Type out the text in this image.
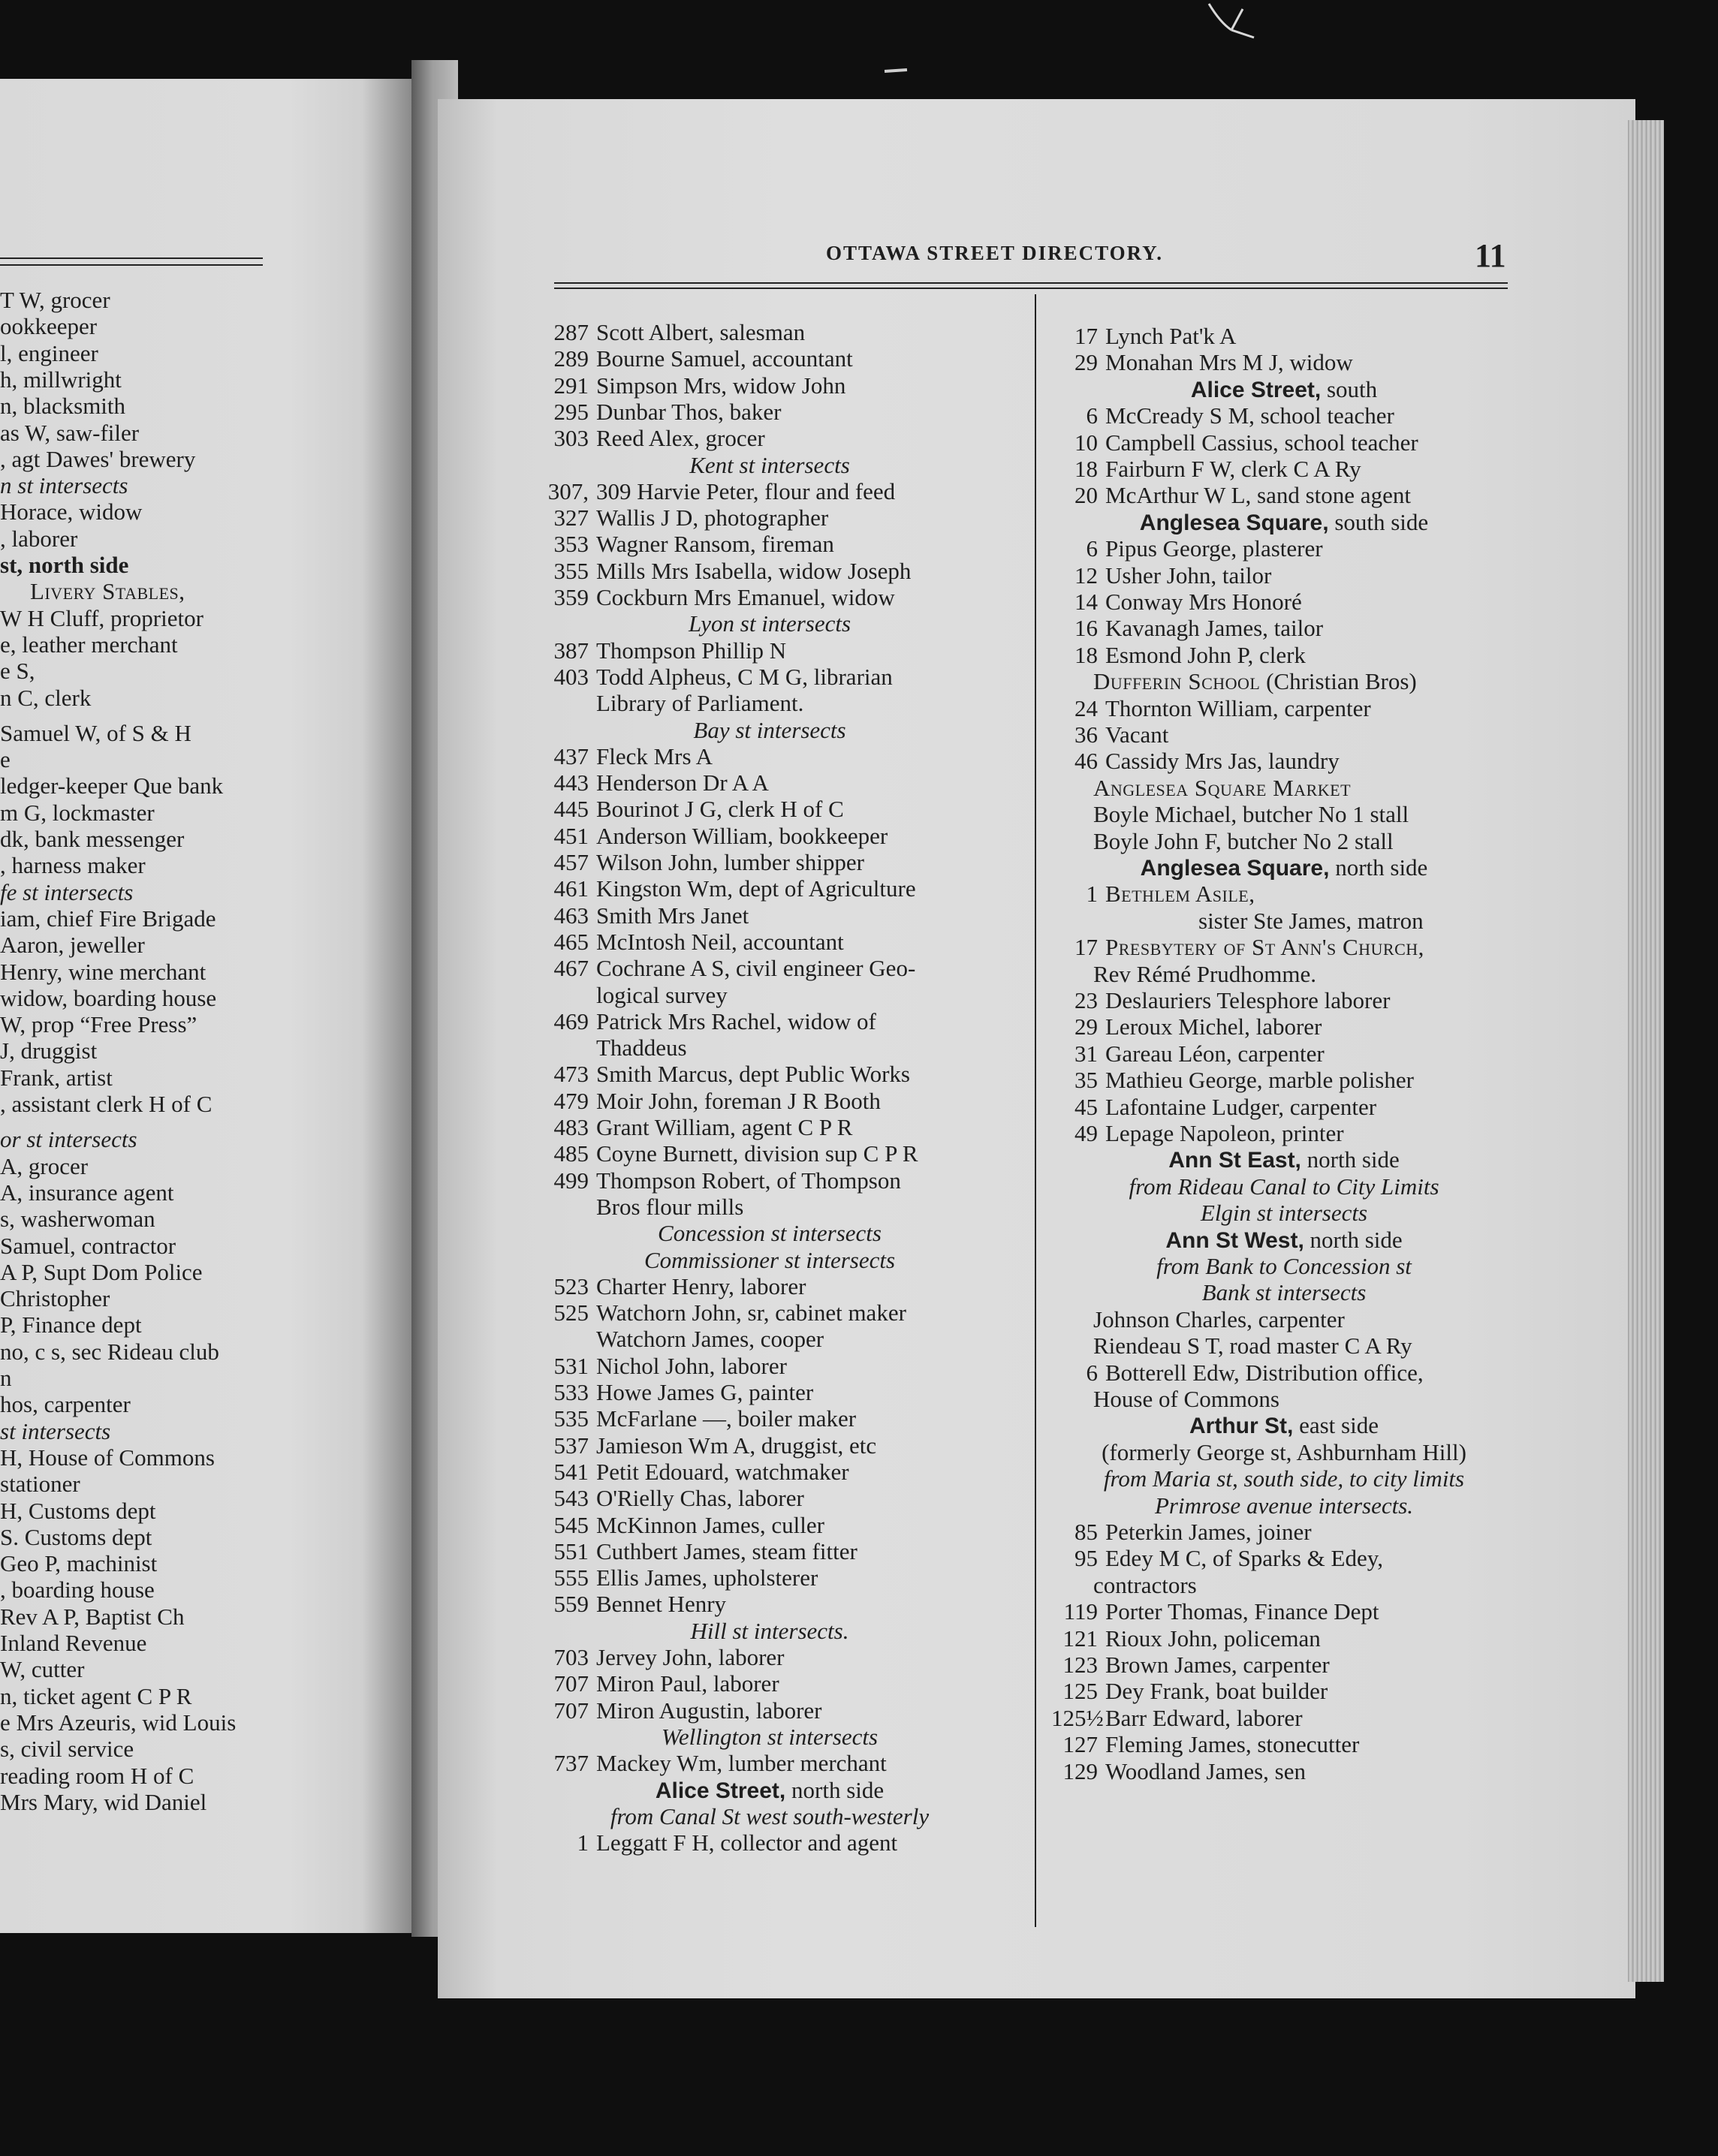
T W, grocer
ookkeeper
l, engineer
h, millwright
n, blacksmith
as W, saw-filer
, agt Dawes' brewery
n st intersects
Horace, widow
, laborer
st, north side
Livery Stables,
W H Cluff, proprietor
e, leather merchant
e S,
n C, clerk
Samuel W, of S & H
e
ledger-keeper Que bank
m G, lockmaster
dk, bank messenger
, harness maker
fe st intersects
iam, chief Fire Brigade
Aaron, jeweller
Henry, wine merchant
widow, boarding house
W, prop “Free Press”
J, druggist
Frank, artist
, assistant clerk H of C
or st intersects
A, grocer
A, insurance agent
s, washerwoman
Samuel, contractor
A P, Supt Dom Police
Christopher
P, Finance dept
no, c s, sec Rideau club
n
hos, carpenter
st intersects
H, House of Commons
stationer
H, Customs dept
S. Customs dept
Geo P, machinist
, boarding house
Rev A P, Baptist Ch
Inland Revenue
W, cutter
n, ticket agent C P R
e Mrs Azeuris, wid Louis
s, civil service
reading room H of C
Mrs Mary, wid Daniel
OTTAWA STREET DIRECTORY.	11
287 Scott Albert, salesman
289 Bourne Samuel, accountant
291 Simpson Mrs, widow John
295 Dunbar Thos, baker
303 Reed Alex, grocer
Kent st intersects
307, 309 Harvie Peter, flour and feed
327 Wallis J D, photographer
353 Wagner Ransom, fireman
355 Mills Mrs Isabella, widow Joseph
359 Cockburn Mrs Emanuel, widow
Lyon st intersects
387 Thompson Phillip N
403 Todd Alpheus, C M G, librarian
Library of Parliament.
Bay st intersects
437 Fleck Mrs A
443 Henderson Dr A A
445 Bourinot J G, clerk H of C
451 Anderson William, bookkeeper
457 Wilson John, lumber shipper
461 Kingston Wm, dept of Agriculture
463 Smith Mrs Janet
465 McIntosh Neil, accountant
467 Cochrane A S, civil engineer Geo-
logical survey
469 Patrick Mrs Rachel, widow of
Thaddeus
473 Smith Marcus, dept Public Works
479 Moir John, foreman J R Booth
483 Grant William, agent C P R
485 Coyne Burnett, division sup C P R
499 Thompson Robert, of Thompson
Bros flour mills
Concession st intersects
Commissioner st intersects
523 Charter Henry, laborer
525 Watchorn John, sr, cabinet maker
Watchorn James, cooper
531 Nichol John, laborer
533 Howe James G, painter
535 McFarlane —, boiler maker
537 Jamieson Wm A, druggist, etc
541 Petit Edouard, watchmaker
543 O'Rielly Chas, laborer
545 McKinnon James, culler
551 Cuthbert James, steam fitter
555 Ellis James, upholsterer
559 Bennet Henry
Hill st intersects.
703 Jervey John, laborer
707 Miron Paul, laborer
707 Miron Augustin, laborer
Wellington st intersects
737 Mackey Wm, lumber merchant
Alice Street, north side
from Canal St west south-westerly
1 Leggatt F H, collector and agent
17 Lynch Pat'k A
29 Monahan Mrs M J, widow
Alice Street, south
6 McCready S M, school teacher
10 Campbell Cassius, school teacher
18 Fairburn F W, clerk C A Ry
20 McArthur W L, sand stone agent
Anglesea Square, south side
6 Pipus George, plasterer
12 Usher John, tailor
14 Conway Mrs Honoré
16 Kavanagh James, tailor
18 Esmond John P, clerk
Dufferin School (Christian Bros)
24 Thornton William, carpenter
36 Vacant
46 Cassidy Mrs Jas, laundry
Anglesea Square Market
Boyle Michael, butcher No 1 stall
Boyle John F, butcher No 2 stall
Anglesea Square, north side
1 Bethlem Asile,
sister Ste James, matron
17 Presbytery of St Ann's Church,
Rev Rémé Prudhomme.
23 Deslauriers Telesphore laborer
29 Leroux Michel, laborer
31 Gareau Léon, carpenter
35 Mathieu George, marble polisher
45 Lafontaine Ludger, carpenter
49 Lepage Napoleon, printer
Ann St East, north side
from Rideau Canal to City Limits
Elgin st intersects
Ann St West, north side
from Bank to Concession st
Bank st intersects
Johnson Charles, carpenter
Riendeau S T, road master C A Ry
6 Botterell Edw, Distribution office,
House of Commons
Arthur St, east side
(formerly George st, Ashburnham Hill)
from Maria st, south side, to city limits
Primrose avenue intersects.
85 Peterkin James, joiner
95 Edey M C, of Sparks & Edey,
contractors
119 Porter Thomas, Finance Dept
121 Rioux John, policeman
123 Brown James, carpenter
125 Dey Frank, boat builder
125½Barr Edward, laborer
127 Fleming James, stonecutter
129 Woodland James, sen
